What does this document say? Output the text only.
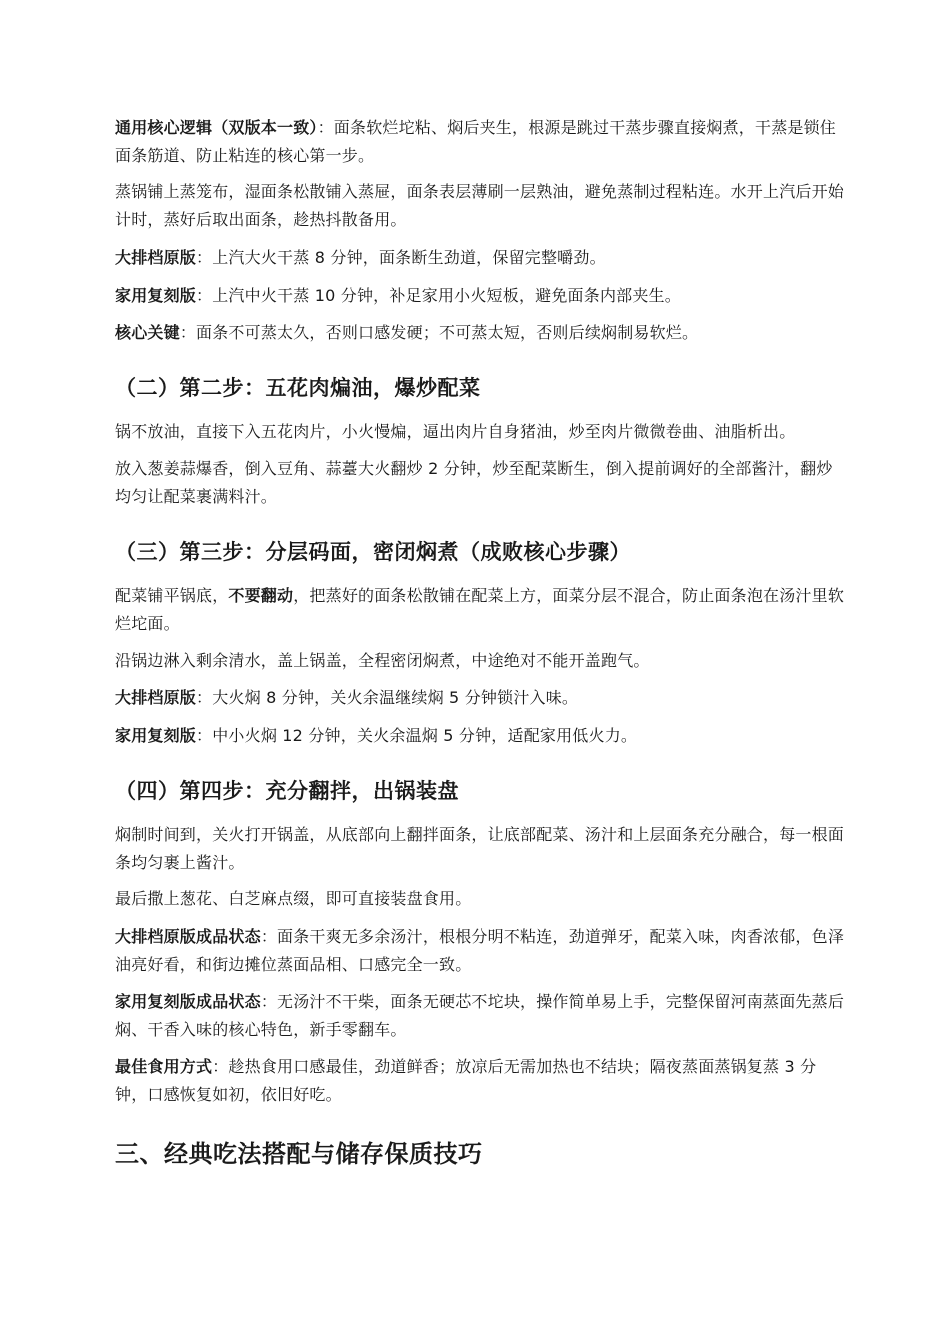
通用核心逻辑（双版本一致）：面条软烂坨粘、焖后夹生，根源是跳过干蒸步骤直接焖煮，干蒸是锁住面条筋道、防止粘连的核心第一步。

蒸锅铺上蒸笼布，湿面条松散铺入蒸屉，面条表层薄刷一层熟油，避免蒸制过程粘连。水开上汽后开始计时，蒸好后取出面条，趁热抖散备用。

大排档原版：上汽大火干蒸 8 分钟，面条断生劲道，保留完整嚼劲。

家用复刻版：上汽中火干蒸 10 分钟，补足家用小火短板，避免面条内部夹生。

核心关键：面条不可蒸太久，否则口感发硬；不可蒸太短，否则后续焖制易软烂。

（二）第二步：五花肉煸油，爆炒配菜

锅不放油，直接下入五花肉片，小火慢煸，逼出肉片自身猪油，炒至肉片微微卷曲、油脂析出。

放入葱姜蒜爆香，倒入豆角、蒜薹大火翻炒 2 分钟，炒至配菜断生，倒入提前调好的全部酱汁，翻炒均匀让配菜裹满料汁。

（三）第三步：分层码面，密闭焖煮（成败核心步骤）

配菜铺平锅底，不要翻动，把蒸好的面条松散铺在配菜上方，面菜分层不混合，防止面条泡在汤汁里软烂坨面。

沿锅边淋入剩余清水，盖上锅盖，全程密闭焖煮，中途绝对不能开盖跑气。

大排档原版：大火焖 8 分钟，关火余温继续焖 5 分钟锁汁入味。

家用复刻版：中小火焖 12 分钟，关火余温焖 5 分钟，适配家用低火力。

（四）第四步：充分翻拌，出锅装盘

焖制时间到，关火打开锅盖，从底部向上翻拌面条，让底部配菜、汤汁和上层面条充分融合，每一根面条均匀裹上酱汁。

最后撒上葱花、白芝麻点缀，即可直接装盘食用。

大排档原版成品状态：面条干爽无多余汤汁，根根分明不粘连，劲道弹牙，配菜入味，肉香浓郁，色泽油亮好看，和街边摊位蒸面品相、口感完全一致。

家用复刻版成品状态：无汤汁不干柴，面条无硬芯不坨块，操作简单易上手，完整保留河南蒸面先蒸后焖、干香入味的核心特色，新手零翻车。

最佳食用方式：趁热食用口感最佳，劲道鲜香；放凉后无需加热也不结块；隔夜蒸面蒸锅复蒸 3 分钟，口感恢复如初，依旧好吃。

三、经典吃法搭配与储存保质技巧
